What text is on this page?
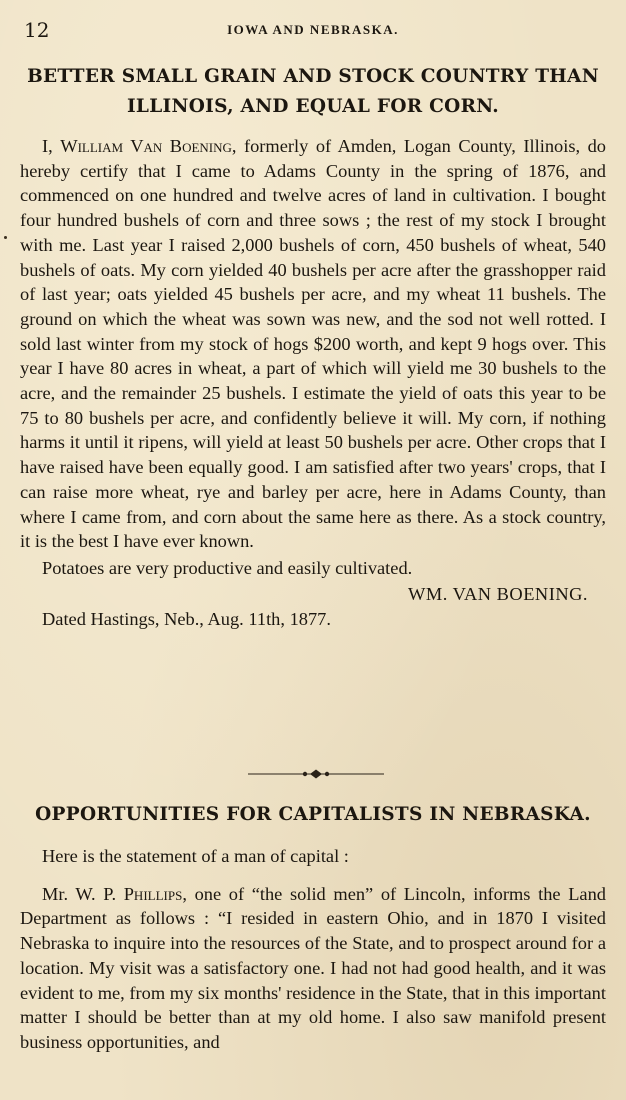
12	IOWA AND NEBRASKA.
BETTER SMALL GRAIN AND STOCK COUNTRY THAN
ILLINOIS, AND EQUAL FOR CORN.

I, William Van Boening, formerly of Amden, Logan County, Illinois, do hereby certify that I came to Adams County in the spring of 1876, and commenced on one hundred and twelve acres of land in cultivation. I bought four hundred bushels of corn and three sows ; the rest of my stock I brought with me. Last year I raised 2,000 bushels of corn, 450 bushels of wheat, 540 bushels of oats. My corn yielded 40 bushels per acre after the grasshopper raid of last year; oats yielded 45 bushels per acre, and my wheat 11 bushels. The ground on which the wheat was sown was new, and the sod not well rotted. I sold last winter from my stock of hogs $200 worth, and kept 9 hogs over. This year I have 80 acres in wheat, a part of which will yield me 30 bushels to the acre, and the remainder 25 bushels. I estimate the yield of oats this year to be 75 to 80 bushels per acre, and confidently believe it will. My corn, if nothing harms it until it ripens, will yield at least 50 bushels per acre. Other crops that I have raised have been equally good. I am satisfied after two years' crops, that I can raise more wheat, rye and barley per acre, here in Adams County, than where I came from, and corn about the same here as there. As a stock country, it is the best I have ever known.

Potatoes are very productive and easily cultivated.

WM. VAN BOENING.
Dated Hastings, Neb., Aug. 11th, 1877.
OPPORTUNITIES FOR CAPITALISTS IN NEBRASKA.

Here is the statement of a man of capital :

Mr. W. P. Phillips, one of “the solid men” of Lincoln, informs the Land Department as follows : “I resided in eastern Ohio, and in 1870 I visited Nebraska to inquire into the resources of the State, and to prospect around for a location. My visit was a satisfactory one. I had not had good health, and it was evident to me, from my six months' residence in the State, that in this important matter I should be better than at my old home. I also saw manifold present business opportunities, and
